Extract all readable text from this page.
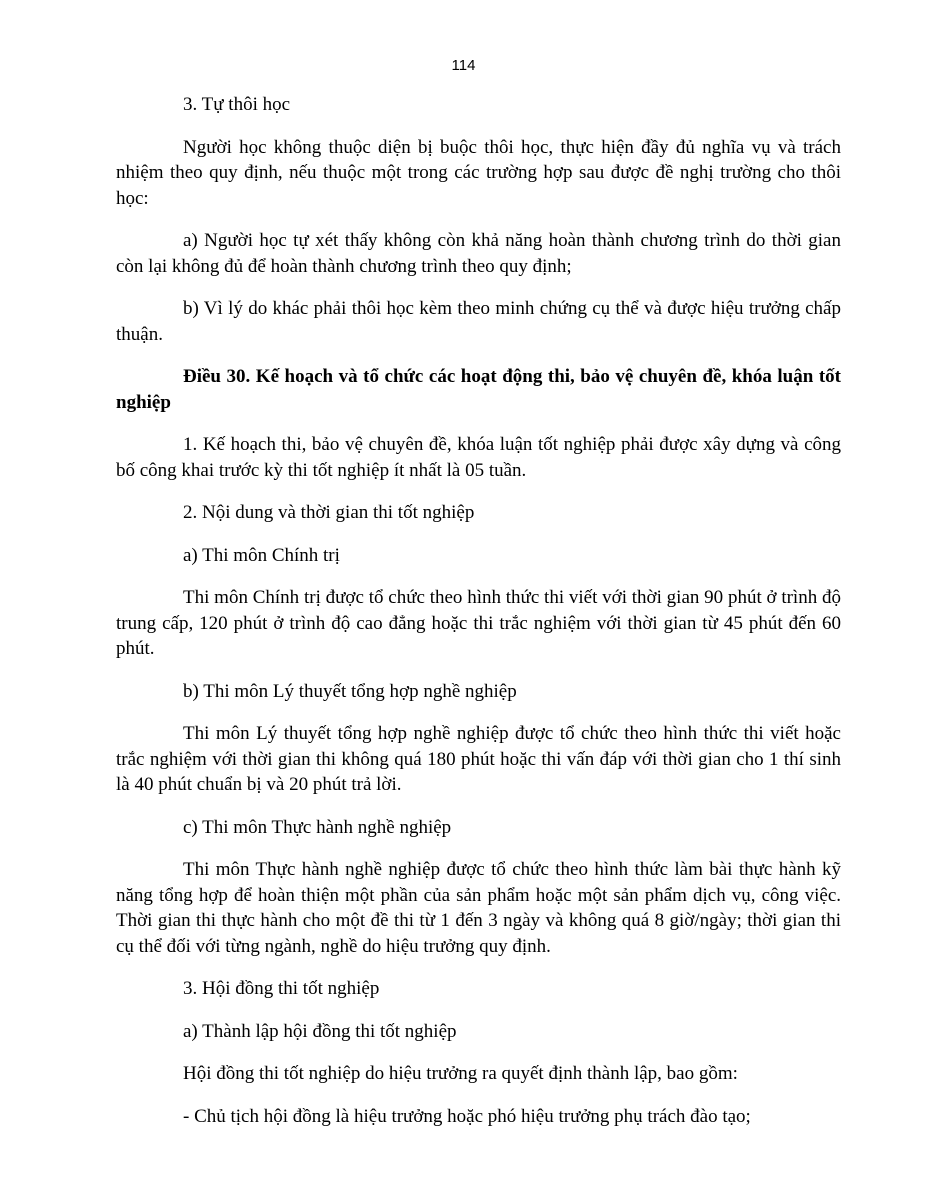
114

3. Tự thôi học

Người học không thuộc diện bị buộc thôi học, thực hiện đầy đủ nghĩa vụ và trách nhiệm theo quy định, nếu thuộc một trong các trường hợp sau được đề nghị trường cho thôi học:

a) Người học tự xét thấy không còn khả năng hoàn thành chương trình do thời gian còn lại không đủ để hoàn thành chương trình theo quy định;

b) Vì lý do khác phải thôi học kèm theo minh chứng cụ thể và được hiệu trưởng chấp thuận.

Điều 30. Kế hoạch và tổ chức các hoạt động thi, bảo vệ chuyên đề, khóa luận tốt nghiệp

1. Kế hoạch thi, bảo vệ chuyên đề, khóa luận tốt nghiệp phải được xây dựng và công bố công khai trước kỳ thi tốt nghiệp ít nhất là 05 tuần.

2. Nội dung và thời gian thi tốt nghiệp

a) Thi môn Chính trị

Thi môn Chính trị được tổ chức theo hình thức thi viết với thời gian 90 phút ở trình độ trung cấp, 120 phút ở trình độ cao đẳng hoặc thi trắc nghiệm với thời gian từ 45 phút đến 60 phút.

b) Thi môn Lý thuyết tổng hợp nghề nghiệp

Thi môn Lý thuyết tổng hợp nghề nghiệp được tổ chức theo hình thức thi viết hoặc trắc nghiệm với thời gian thi không quá 180 phút hoặc thi vấn đáp với thời gian cho 1 thí sinh là 40 phút chuẩn bị và 20 phút trả lời.

c) Thi môn Thực hành nghề nghiệp

Thi môn Thực hành nghề nghiệp được tổ chức theo hình thức làm bài thực hành kỹ năng tổng hợp để hoàn thiện một phần của sản phẩm hoặc một sản phẩm dịch vụ, công việc. Thời gian thi thực hành cho một đề thi từ 1 đến 3 ngày và không quá 8 giờ/ngày; thời gian thi cụ thể đối với từng ngành, nghề do hiệu trưởng quy định.

3. Hội đồng thi tốt nghiệp

a) Thành lập hội đồng thi tốt nghiệp

Hội đồng thi tốt nghiệp do hiệu trưởng ra quyết định thành lập, bao gồm:

- Chủ tịch hội đồng là hiệu trưởng hoặc phó hiệu trưởng phụ trách đào tạo;
